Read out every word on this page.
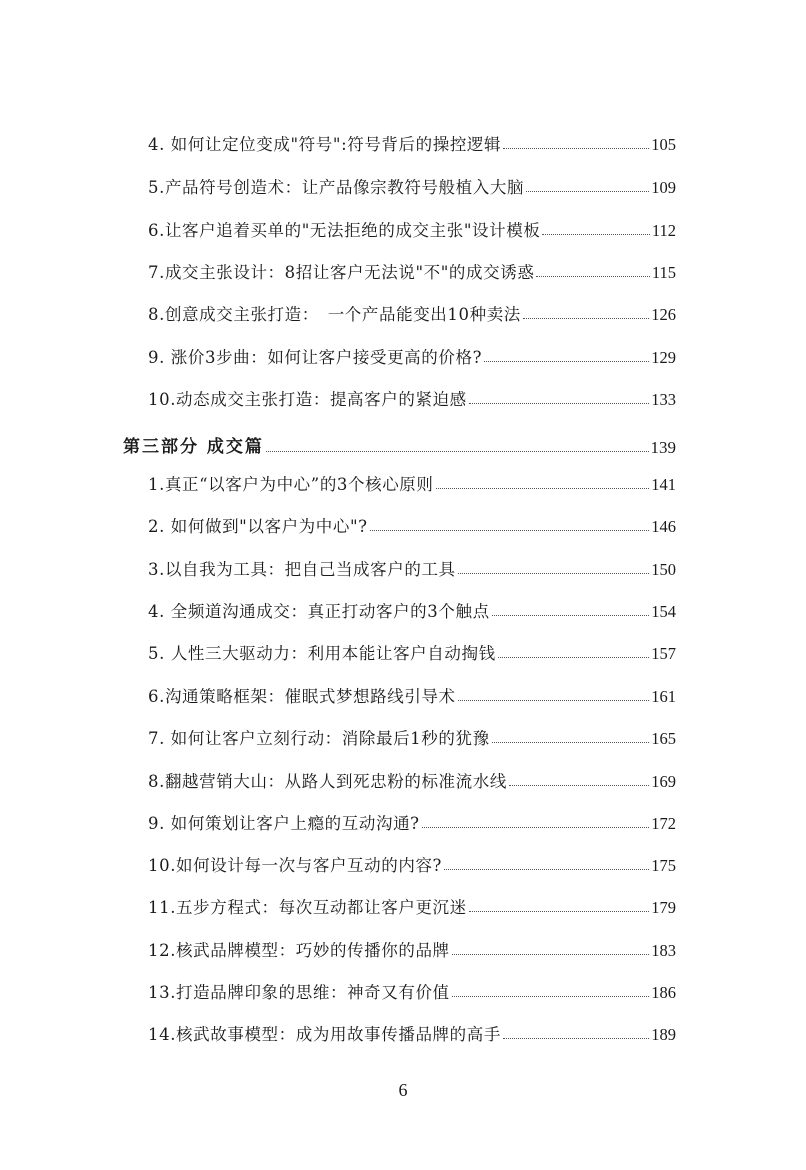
4. 如何让定位变成"符号":符号背后的操控逻辑	105
5.产品符号创造术：让产品像宗教符号般植入大脑	109
6.让客户追着买单的"无法拒绝的成交主张"设计模板	112
7.成交主张设计：8招让客户无法说"不"的成交诱惑	115
8.创意成交主张打造：　一个产品能变出10种卖法	126
9. 涨价3步曲：如何让客户接受更高的价格?	129
10.动态成交主张打造：提高客户的紧迫感	133
第三部分 成交篇	139
1.真正“以客户为中心”的3个核心原则	141
2. 如何做到"以客户为中心"?	146
3.以自我为工具：把自己当成客户的工具	150
4. 全频道沟通成交：真正打动客户的3个触点	154
5. 人性三大驱动力：利用本能让客户自动掏钱	157
6.沟通策略框架：催眠式梦想路线引导术	161
7. 如何让客户立刻行动：消除最后1秒的犹豫	165
8.翻越营销大山：从路人到死忠粉的标准流水线	169
9. 如何策划让客户上瘾的互动沟通?	172
10.如何设计每一次与客户互动的内容?	175
11.五步方程式：每次互动都让客户更沉迷	179
12.核武品牌模型：巧妙的传播你的品牌	183
13.打造品牌印象的思维：神奇又有价值	186
14.核武故事模型：成为用故事传播品牌的高手	189
6
